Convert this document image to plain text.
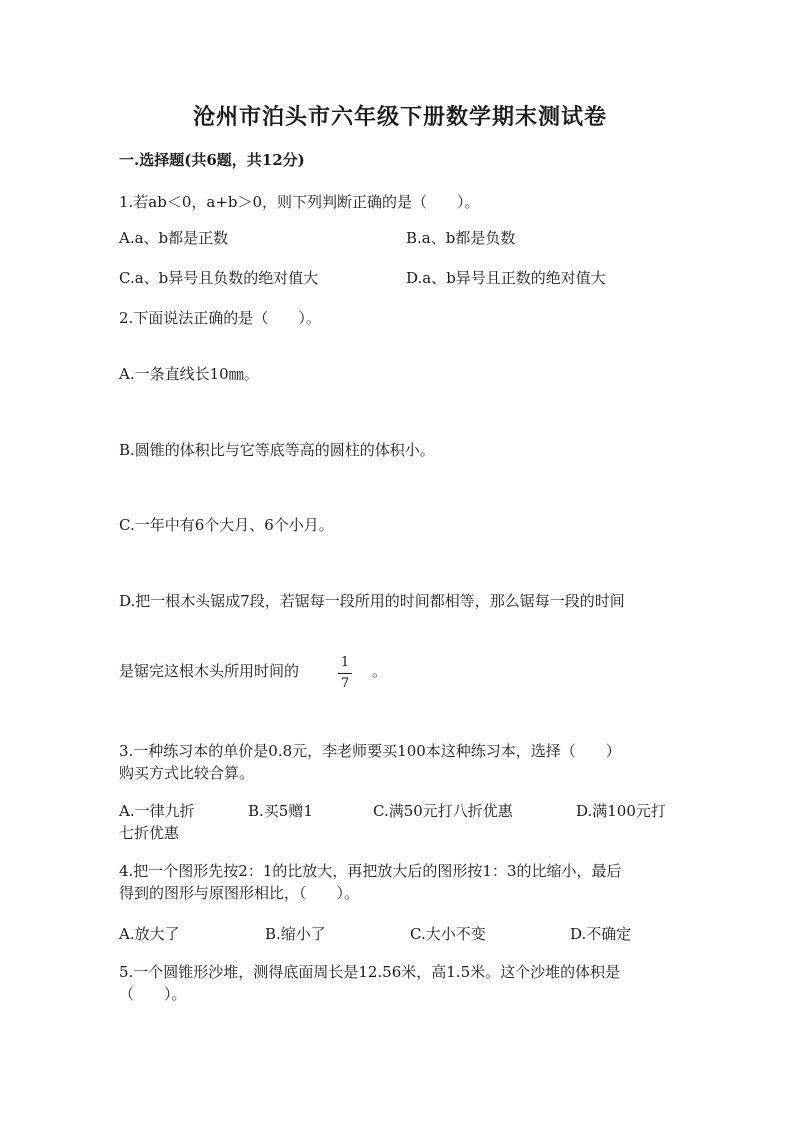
沧州市泊头市六年级下册数学期末测试卷
一.选择题(共6题，共12分)
1.若ab＜0，a+b＞0，则下列判断正确的是（　　）。
A.a、b都是正数	B.a、b都是负数
C.a、b异号且负数的绝对值大	D.a、b异号且正数的绝对值大
2.下面说法正确的是（　　）。
A.一条直线长10㎜。
B.圆锥的体积比与它等底等高的圆柱的体积小。
C.一年中有6个大月、6个小月。
D.把一根木头锯成7段，若锯每一段所用的时间都相等，那么锯每一段的时间
是锯完这根木头所用时间的	1
7
。
3.一种练习本的单价是0.8元，李老师要买100本这种练习本，选择（　　）
购买方式比较合算。
A.一律九折	B.买5赠1	C.满50元打八折优惠	D.满100元打
七折优惠
4.把一个图形先按2：1的比放大，再把放大后的图形按1：3的比缩小，最后
得到的图形与原图形相比，（　　）。
A.放大了	B.缩小了	C.大小不变	D.不确定
5.一个圆锥形沙堆，测得底面周长是12.56米，高1.5米。这个沙堆的体积是
（　　）。
